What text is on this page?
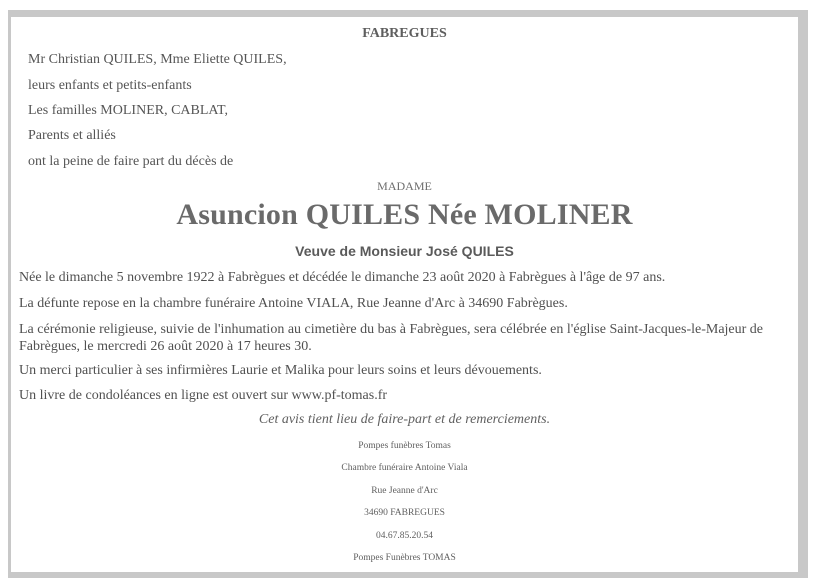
FABREGUES
Mr Christian QUILES, Mme Eliette QUILES,
leurs enfants et petits-enfants
Les familles MOLINER, CABLAT,
Parents et alliés
ont la peine de faire part du décès de
MADAME
Asuncion QUILES Née MOLINER
Veuve de Monsieur José QUILES
Née le dimanche 5 novembre 1922 à Fabrègues et décédée le dimanche 23 août 2020 à Fabrègues à l'âge de 97 ans.
La défunte repose en la chambre funéraire Antoine VIALA, Rue Jeanne d'Arc à 34690 Fabrègues.
La cérémonie religieuse, suivie de l'inhumation au cimetière du bas à Fabrègues, sera célébrée en l'église Saint-Jacques-le-Majeur de Fabrègues, le mercredi 26 août 2020 à 17 heures 30.
Un merci particulier à ses infirmières Laurie et Malika pour leurs soins et leurs dévouements.
Un livre de condoléances en ligne est ouvert sur www.pf-tomas.fr
Cet avis tient lieu de faire-part et de remerciements.
Pompes funèbres Tomas
Chambre funéraire Antoine Viala
Rue Jeanne d'Arc
34690 FABREGUES
04.67.85.20.54
Pompes Funèbres TOMAS
